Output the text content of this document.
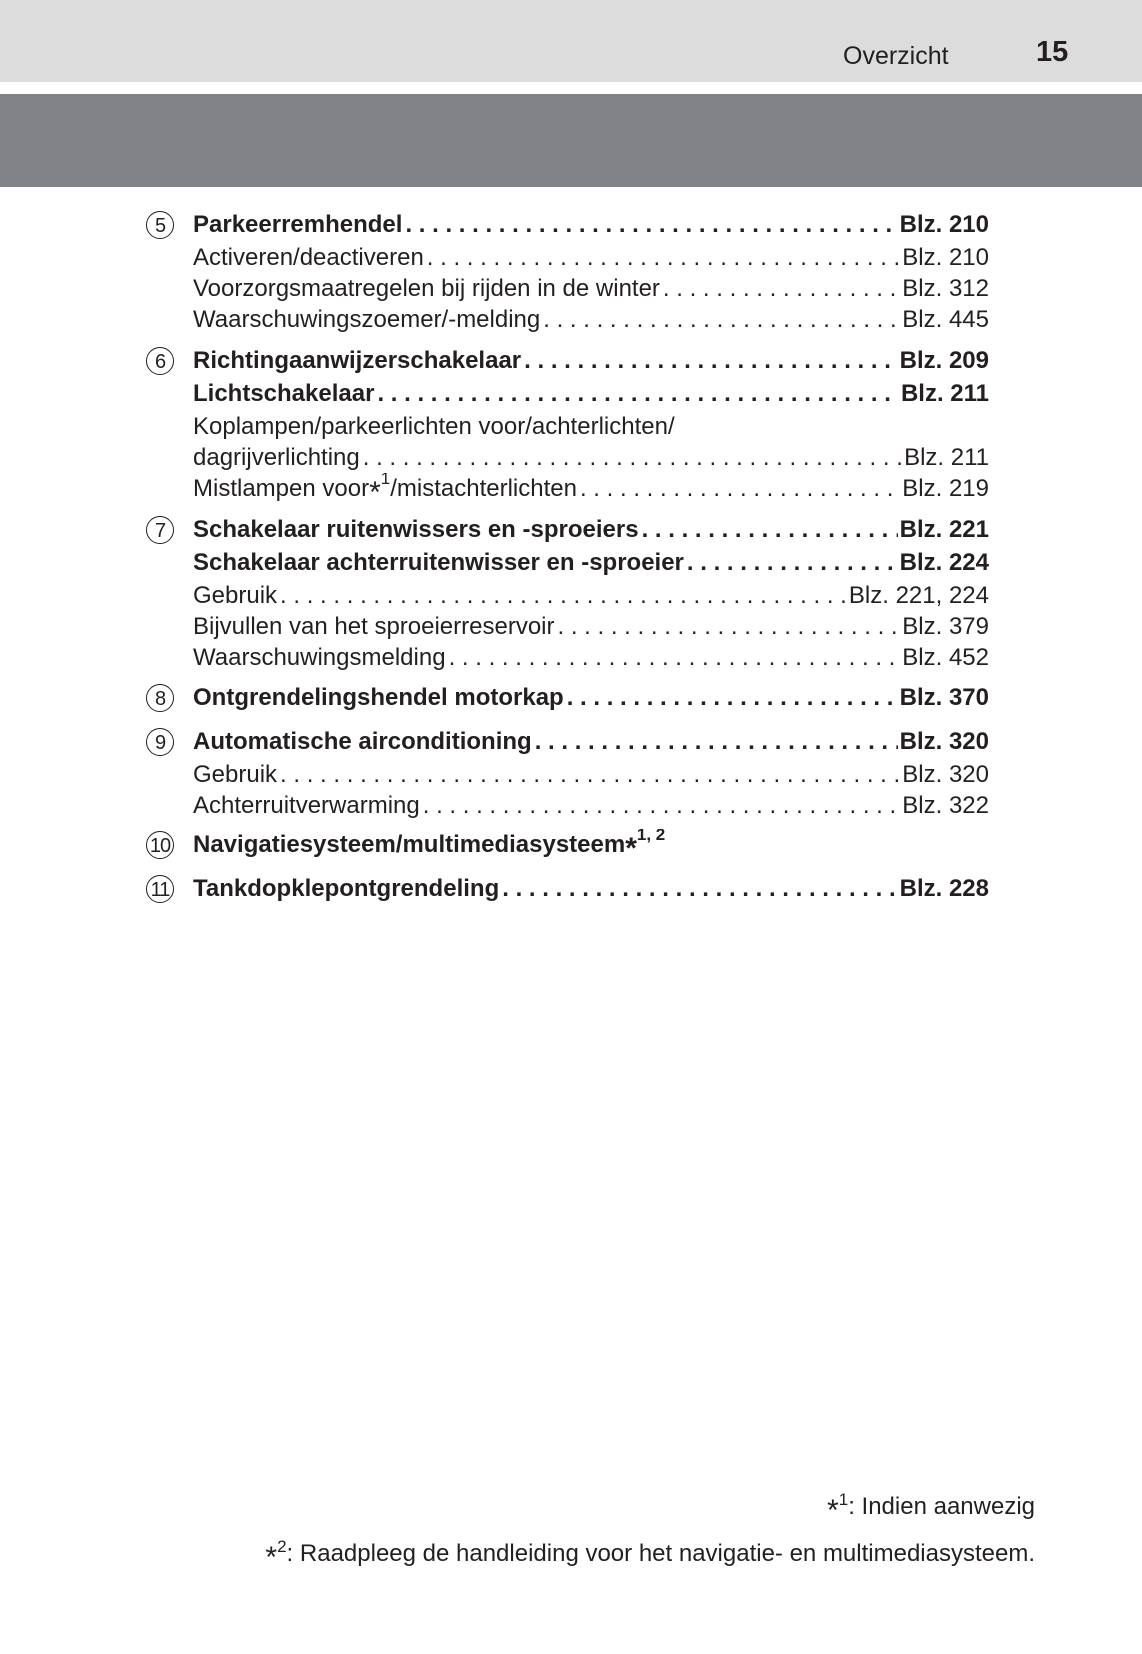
Overzicht	15
5	Parkeerremhendel . . .	Blz. 210
Activeren/deactiveren . . .	Blz. 210
Voorzorgsmaatregelen bij rijden in de winter . . .	Blz. 312
Waarschuwingszoemer/-melding . . .	Blz. 445
6	Richtingaanwijzerschakelaar . . .	Blz. 209
Lichtschakelaar . . .	Blz. 211
Koplampen/parkeerlichten voor/achterlichten/
dagrijverlichting . . .	Blz. 211
Mistlampen voor*$^1$/mistachterlichten . . .	Blz. 219
7	Schakelaar ruitenwissers en -sproeiers . . .	Blz. 221
Schakelaar achterruitenwisser en -sproeier . . .	Blz. 224
Gebruik . . .	Blz. 221, 224
Bijvullen van het sproeierreservoir . . .	Blz. 379
Waarschuwingsmelding . . .	Blz. 452
8	Ontgrendelingshendel motorkap . . .	Blz. 370
9	Automatische airconditioning . . .	Blz. 320
Gebruik . . .	Blz. 320
Achterruitverwarming . . .	Blz. 322
10 Navigatiesysteem/multimediasysteem*$^{1, 2}$
11 Tankdopklepontgrendeling . . .	Blz. 228
*$^1$: Indien aanwezig
*$^2$: Raadpleeg de handleiding voor het navigatie- en multimediasysteem.
